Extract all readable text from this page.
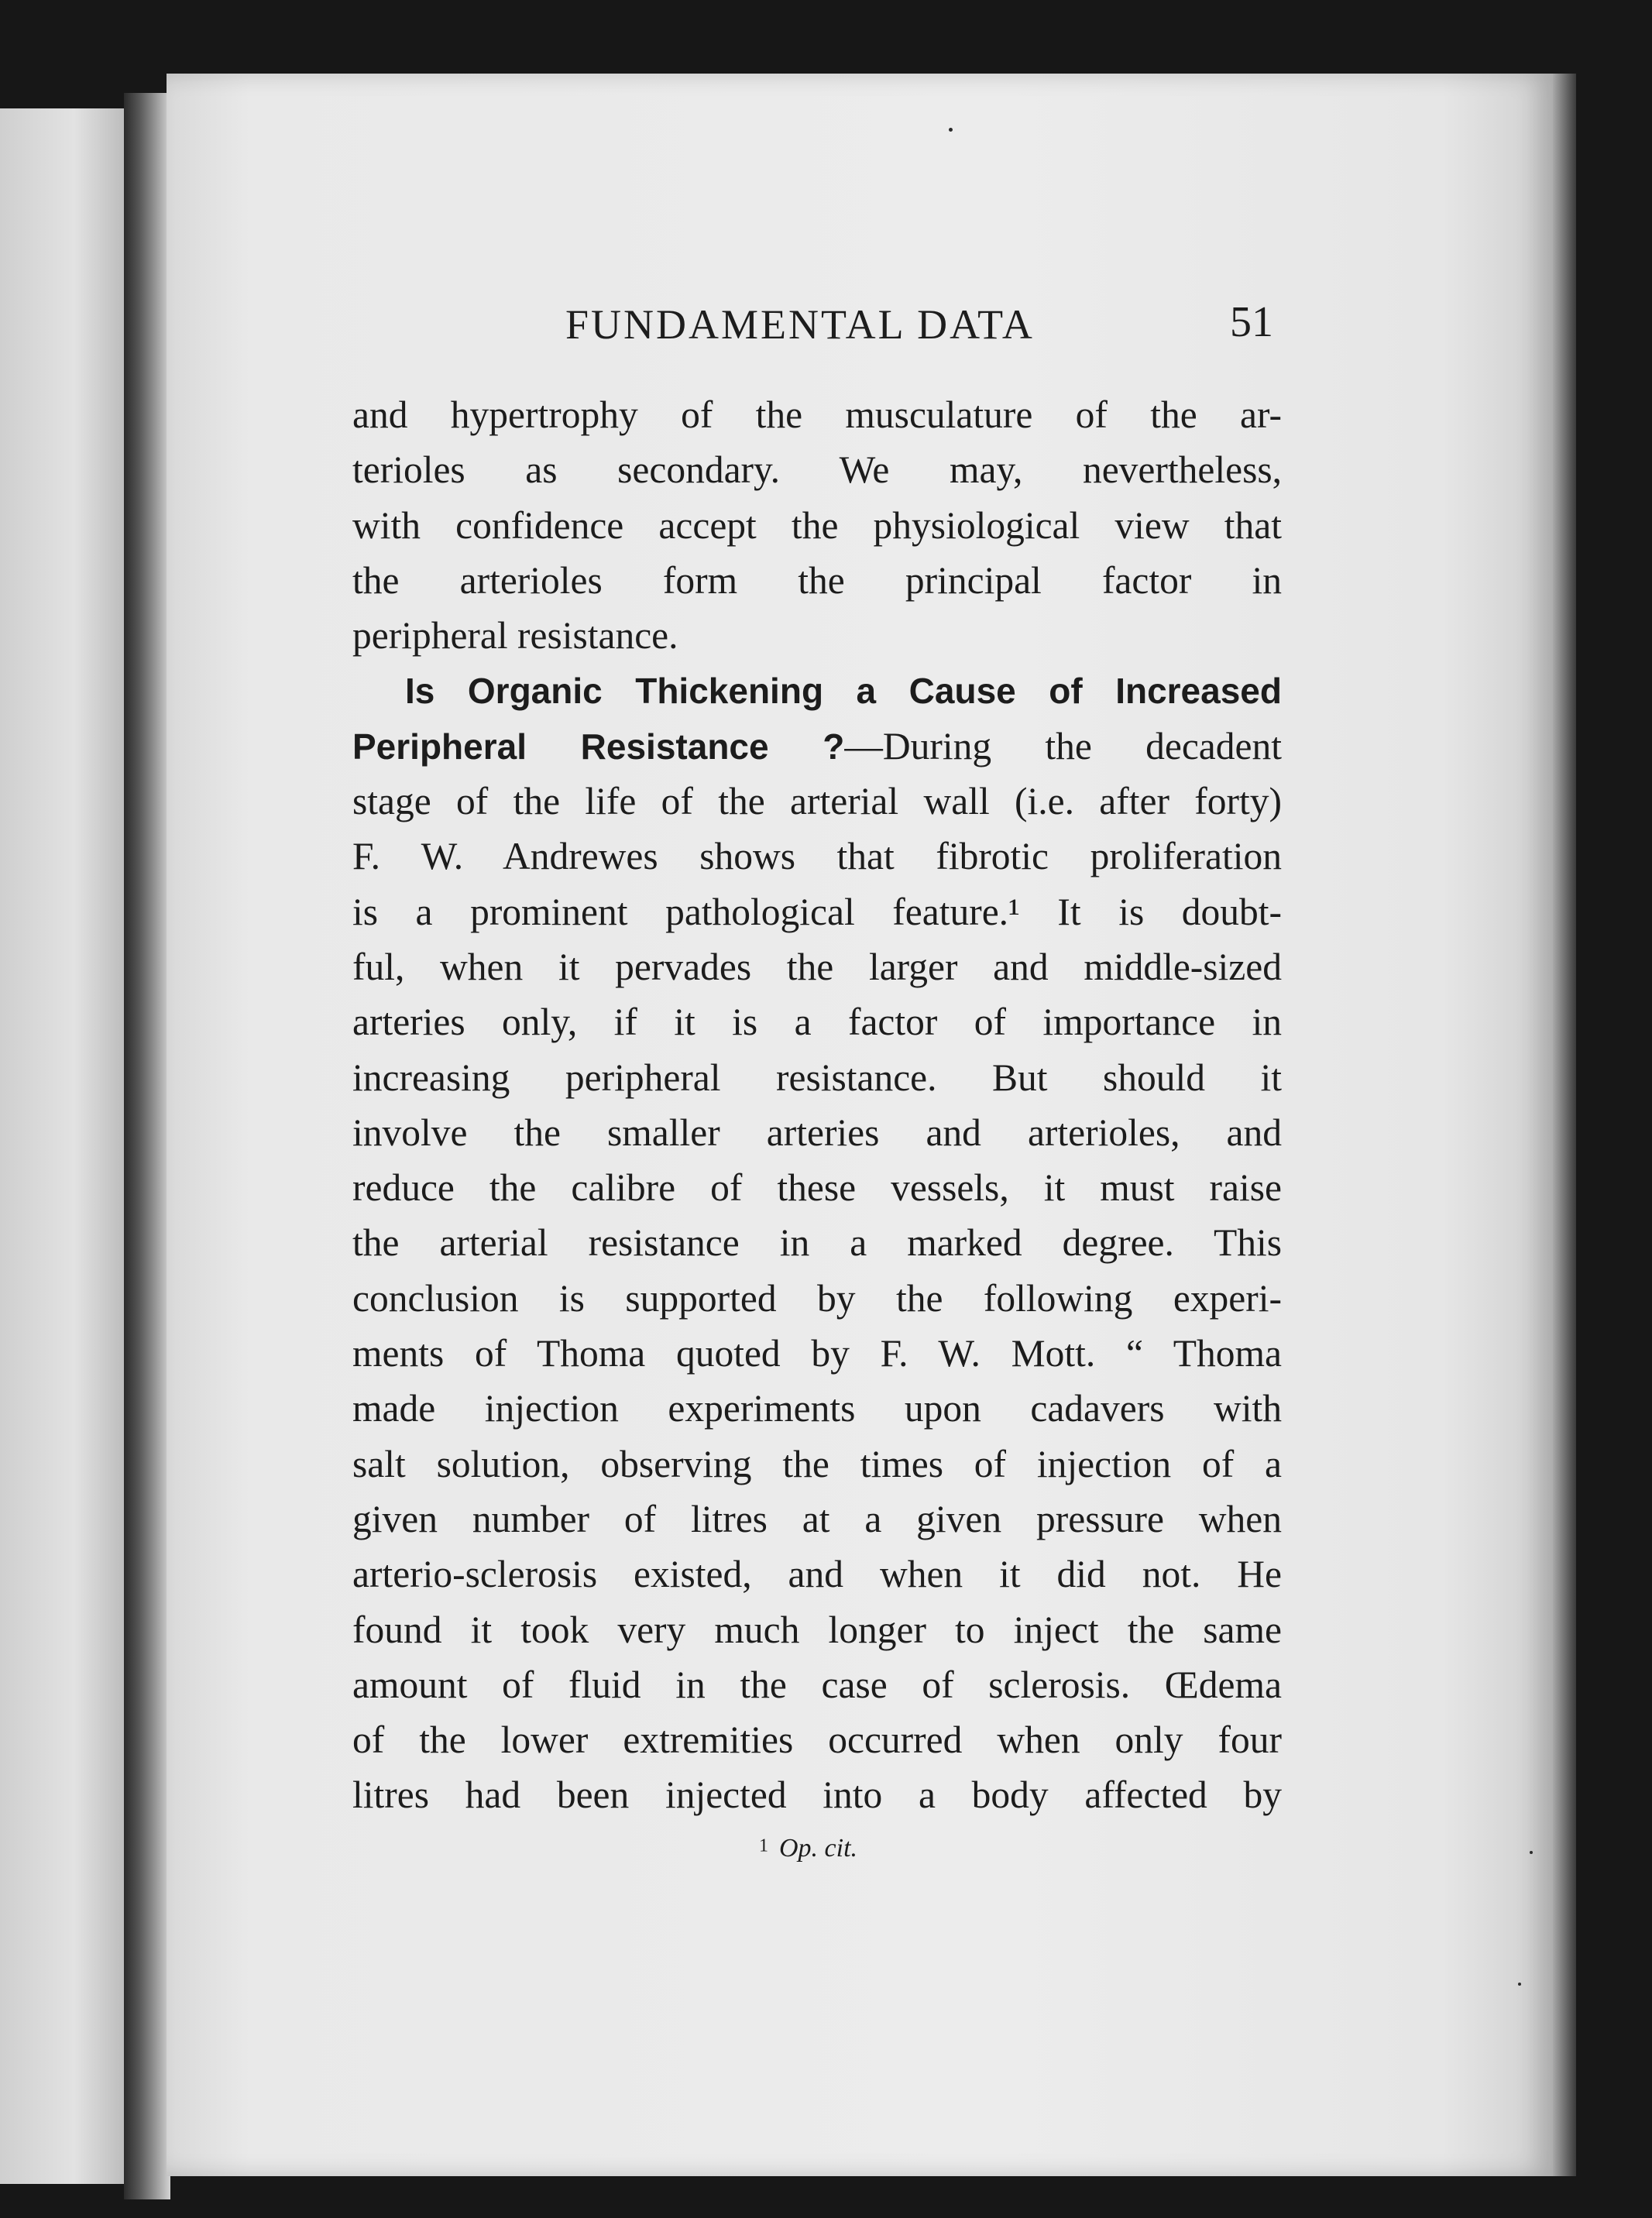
FUNDAMENTAL DATA	51
and hypertrophy of the musculature of the ar-
terioles as secondary. We may, nevertheless,
with confidence accept the physiological view that
the arterioles form the principal factor in
peripheral resistance.
Is Organic Thickening a Cause of Increased
Peripheral Resistance ?—During the decadent
stage of the life of the arterial wall (i.e. after forty)
F. W. Andrewes shows that fibrotic proliferation
is a prominent pathological feature.¹ It is doubt-
ful, when it pervades the larger and middle-sized
arteries only, if it is a factor of importance in
increasing peripheral resistance. But should it
involve the smaller arteries and arterioles, and
reduce the calibre of these vessels, it must raise
the arterial resistance in a marked degree. This
conclusion is supported by the following experi-
ments of Thoma quoted by F. W. Mott. “ Thoma
made injection experiments upon cadavers with
salt solution, observing the times of injection of a
given number of litres at a given pressure when
arterio-sclerosis existed, and when it did not. He
found it took very much longer to inject the same
amount of fluid in the case of sclerosis. Œdema
of the lower extremities occurred when only four
litres had been injected into a body affected by
1 Op. cit.
